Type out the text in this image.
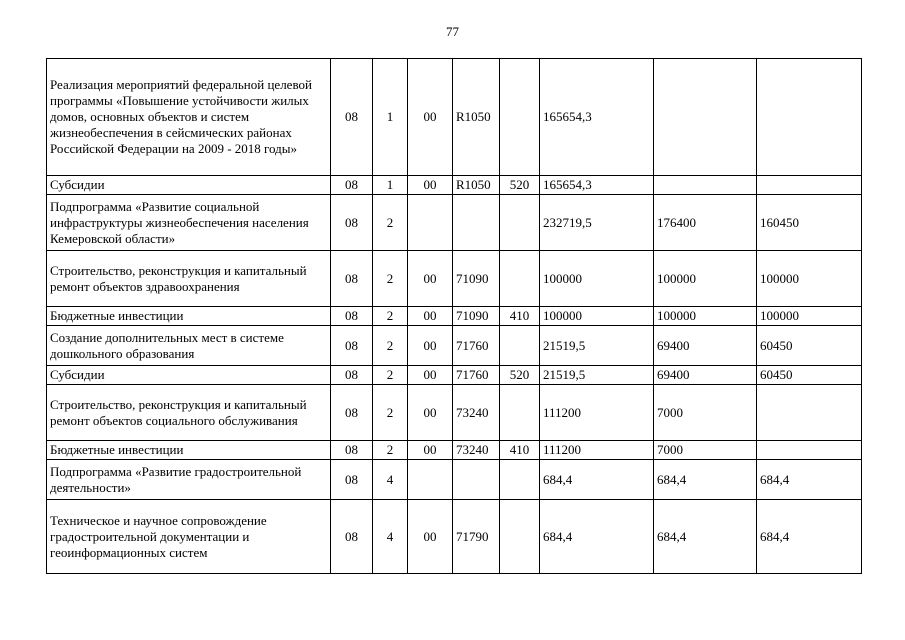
77
Реализация мероприятий федеральной целевой программы «Повышение устойчивости жилых домов, основных объектов и систем жизнеобеспечения в сейсмических районах Российской Федерации на 2009 - 2018 годы»	08	1	00	R1050		165654,3		
Субсидии	08	1	00	R1050	520	165654,3		
Подпрограмма «Развитие социальной инфраструктуры жизнеобеспечения населения Кемеровской области»	08	2				232719,5	176400	160450
Строительство, реконструкция и капитальный ремонт объектов здравоохранения	08	2	00	71090		100000	100000	100000
Бюджетные инвестиции	08	2	00	71090	410	100000	100000	100000
Создание дополнительных мест в системе дошкольного образования	08	2	00	71760		21519,5	69400	60450
Субсидии	08	2	00	71760	520	21519,5	69400	60450
Строительство, реконструкция и капитальный ремонт объектов социального обслуживания	08	2	00	73240		111200	7000	
Бюджетные инвестиции	08	2	00	73240	410	111200	7000	
Подпрограмма «Развитие градостроительной деятельности»	08	4				684,4	684,4	684,4
Техническое и научное сопровождение градостроительной документации и геоинформационных систем	08	4	00	71790		684,4	684,4	684,4
